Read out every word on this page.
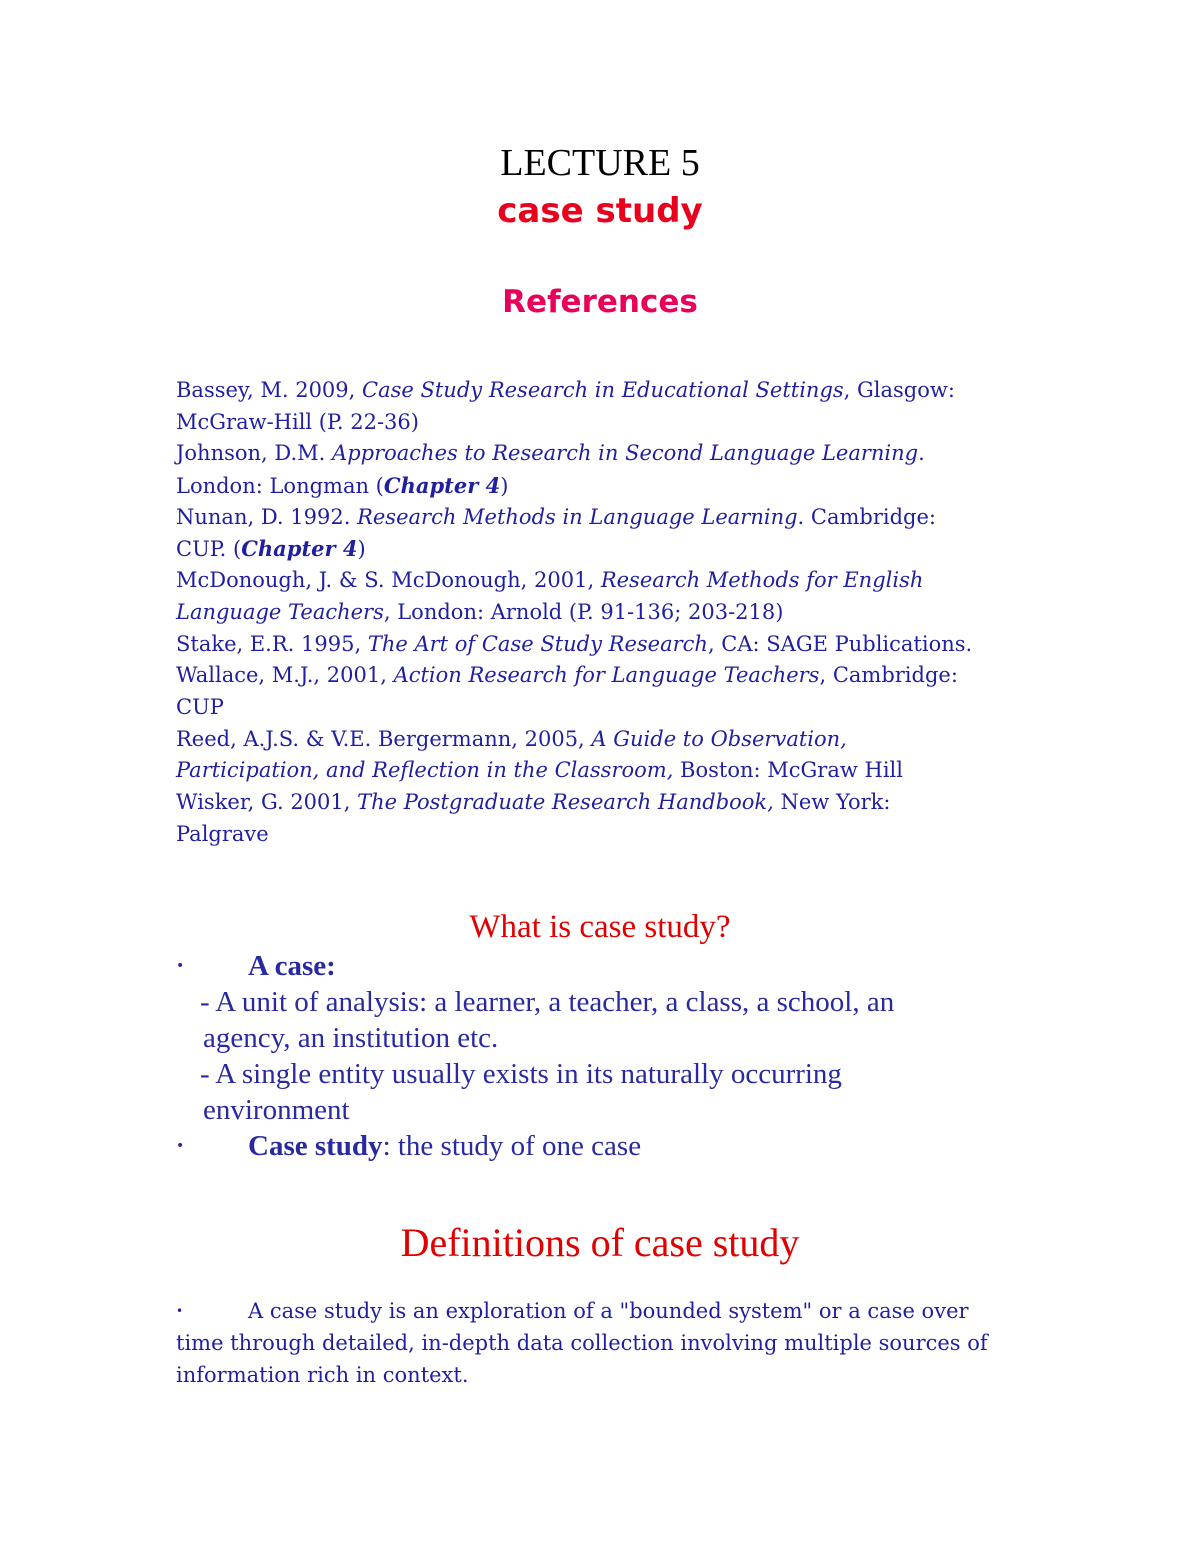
LECTURE 5
case study
References
Bassey, M. 2009, Case Study Research in Educational Settings, Glasgow:
McGraw-Hill (P. 22-36)
Johnson, D.M. Approaches to Research in Second Language Learning.
London: Longman (Chapter 4)
Nunan, D. 1992. Research Methods in Language Learning. Cambridge:
CUP. (Chapter 4)
McDonough, J. & S. McDonough, 2001, Research Methods for English
Language Teachers, London: Arnold (P. 91-136; 203-218)
Stake, E.R. 1995, The Art of Case Study Research, CA: SAGE Publications.
Wallace, M.J., 2001, Action Research for Language Teachers, Cambridge:
CUP
Reed, A.J.S. & V.E. Bergermann, 2005, A Guide to Observation,
Participation, and Reflection in the Classroom, Boston: McGraw Hill
Wisker, G. 2001, The Postgraduate Research Handbook, New York:
Palgrave
What is case study?
•	A case:
- A unit of analysis: a learner, a teacher, a class, a school, an
agency, an institution etc.
- A single entity usually exists in its naturally occurring
environment
•	Case study: the study of one case
Definitions of case study
•	A case study is an exploration of a "bounded system" or a case over
time through detailed, in-depth data collection involving multiple sources of
information rich in context.
